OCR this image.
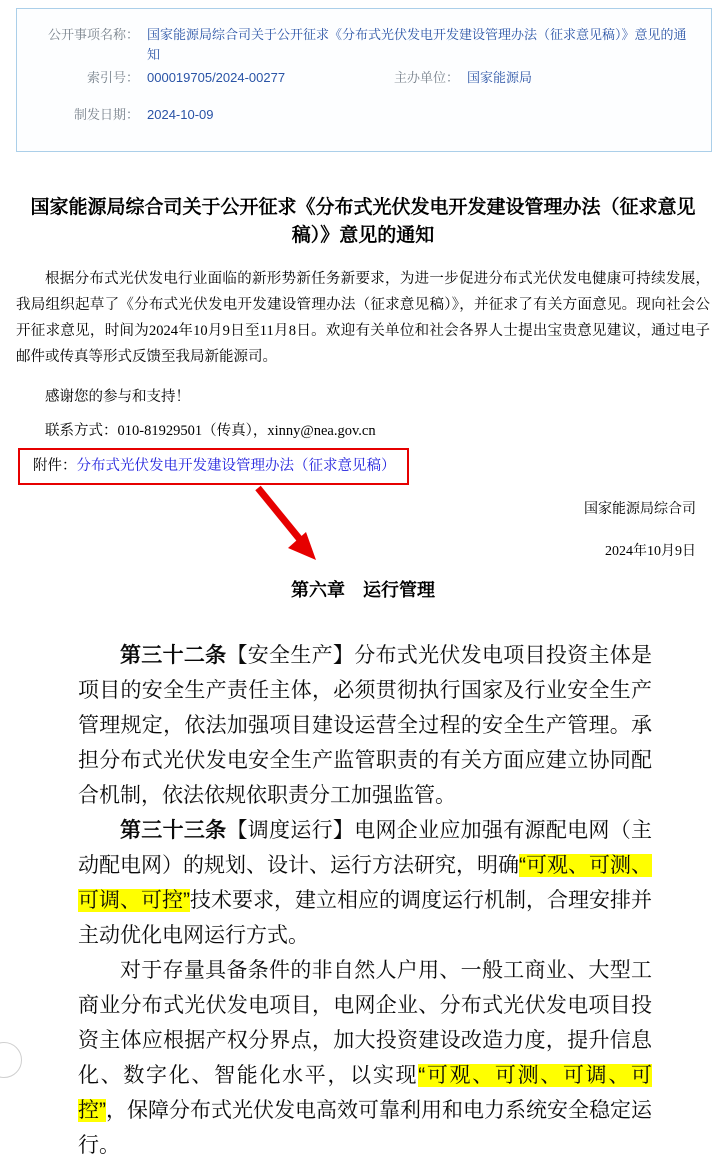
公开事项名称： 国家能源局综合司关于公开征求《分布式光伏发电开发建设管理办法（征求意见稿）》意见的通知
索引号： 000019705/2024-00277	主办单位： 国家能源局
制发日期： 2024-10-09
国家能源局综合司关于公开征求《分布式光伏发电开发建设管理办法（征求意见稿）》意见的通知

根据分布式光伏发电行业面临的新形势新任务新要求，为进一步促进分布式光伏发电健康可持续发展，我局组织起草了《分布式光伏发电开发建设管理办法（征求意见稿）》，并征求了有关方面意见。现向社会公开征求意见，时间为2024年10月9日至11月8日。欢迎有关单位和社会各界人士提出宝贵意见建议，通过电子邮件或传真等形式反馈至我局新能源司。

感谢您的参与和支持！

联系方式：010-81929501（传真），xinny@nea.gov.cn

附件：分布式光伏发电开发建设管理办法（征求意见稿）
国家能源局综合司
2024年10月9日
第六章　运行管理

第三十二条【安全生产】分布式光伏发电项目投资主体是项目的安全生产责任主体，必须贯彻执行国家及行业安全生产管理规定，依法加强项目建设运营全过程的安全生产管理。承担分布式光伏发电安全生产监管职责的有关方面应建立协同配合机制，依法依规依职责分工加强监管。

第三十三条【调度运行】电网企业应加强有源配电网（主动配电网）的规划、设计、运行方法研究，明确“可观、可测、可调、可控”技术要求，建立相应的调度运行机制，合理安排并主动优化电网运行方式。

对于存量具备条件的非自然人户用、一般工商业、大型工商业分布式光伏发电项目，电网企业、分布式光伏发电项目投资主体应根据产权分界点，加大投资建设改造力度，提升信息化、数字化、智能化水平，以实现“可观、可测、可调、可控”，保障分布式光伏发电高效可靠利用和电力系统安全稳定运行。
